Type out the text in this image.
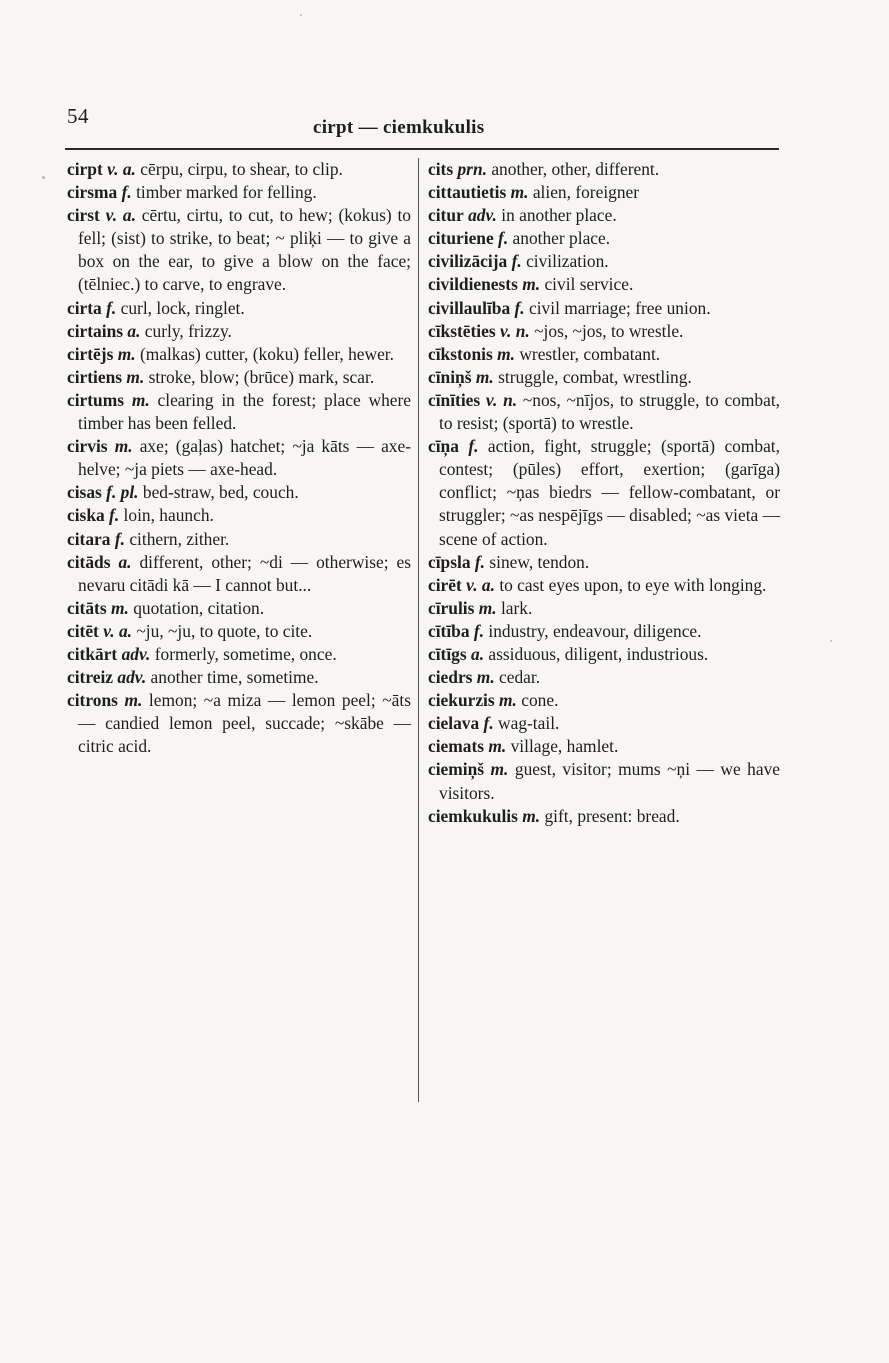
54	cirpt — ciemkukulis

cirpt v. a. cērpu, cirpu, to shear, to clip.

cirsma f. timber marked for felling.

cirst v. a. cērtu, cirtu, to cut, to hew; (kokus) to fell; (sist) to strike, to beat; ~ pliķi — to give a box on the ear, to give a blow on the face; (tēlniec.) to carve, to engrave.

cirta f. curl, lock, ringlet.

cirtains a. curly, frizzy.

cirtējs m. (malkas) cutter, (koku) feller, hewer.

cirtiens m. stroke, blow; (brūce) mark, scar.

cirtums m. clearing in the forest; place where timber has been felled.

cirvis m. axe; (gaļas) hatchet; ~ja kāts — axe-helve; ~ja piets — axe-head.

cisas f. pl. bed-straw, bed, couch.

ciska f. loin, haunch.

citara f. cithern, zither.

citāds a. different, other; ~di — otherwise; es nevaru citādi kā — I cannot but...

citāts m. quotation, citation.

citēt v. a. ~ju, ~ju, to quote, to cite.

citkārt adv. formerly, sometime, once.

citreiz adv. another time, sometime.

citrons m. lemon; ~a miza — lemon peel; ~āts — candied lemon peel, succade; ~skābe — citric acid.

cits prn. another, other, different.

cittautietis m. alien, foreigner

citur adv. in another place.

cituriene f. another place.

civilizācija f. civilization.

civildienests m. civil service.

civillaulība f. civil marriage; free union.

cīkstēties v. n. ~jos, ~jos, to wrestle.

cīkstonis m. wrestler, combatant.

cīniņš m. struggle, combat, wrestling.

cīnīties v. n. ~nos, ~nījos, to struggle, to combat, to resist; (sportā) to wrestle.

cīņa f. action, fight, struggle; (sportā) combat, contest; (pūles) effort, exertion; (garīga) conflict; ~ņas biedrs — fellow-combatant, or struggler; ~as nespējīgs — disabled; ~as vieta — scene of action.

cīpsla f. sinew, tendon.

cirēt v. a. to cast eyes upon, to eye with longing.

cīrulis m. lark.

cītība f. industry, endeavour, diligence.

cītīgs a. assiduous, diligent, industrious.

ciedrs m. cedar.

ciekurzis m. cone.

cielava f. wag-tail.

ciemats m. village, hamlet.

ciemiņš m. guest, visitor; mums ~ņi — we have visitors.

ciemkukulis m. gift, present: bread.
